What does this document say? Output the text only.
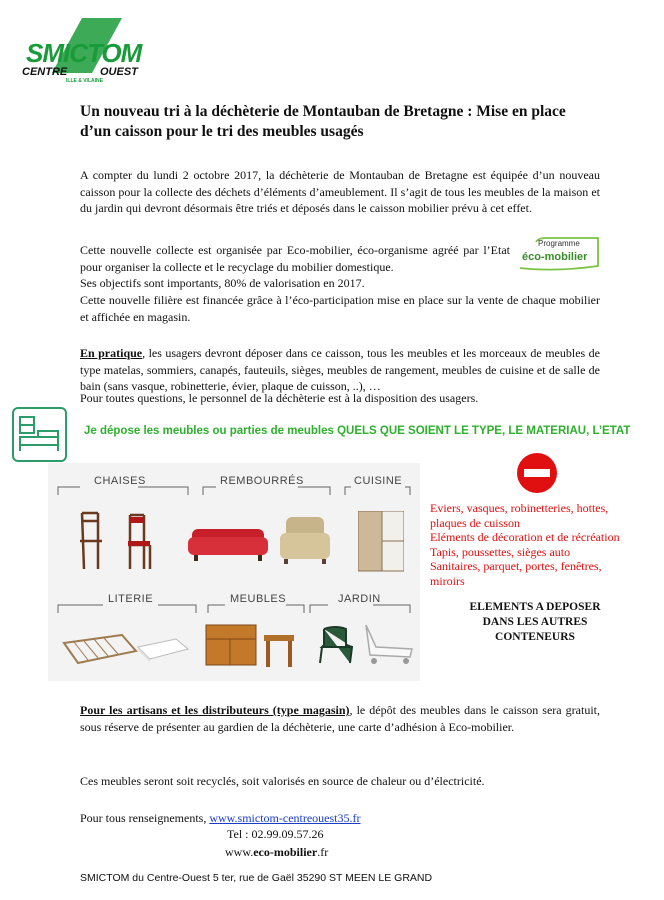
SMICTOM
CENTRE
ILLE & VILAINE
OUEST
Un nouveau tri à la déchèterie de Montauban de Bretagne : Mise en place d’un caisson pour le tri des meubles usagés
A compter du lundi 2 octobre 2017, la déchèterie de Montauban de Bretagne est équipée d’un nouveau caisson pour la collecte des déchets d’éléments d’ameublement. Il s’agit de tous les meubles de la maison et du jardin qui devront désormais être triés et déposés dans le caisson mobilier prévu à cet effet.
Cette nouvelle collecte est organisée par Eco-mobilier, éco-organisme agréé par l’Etat pour organiser la collecte et le recyclage du mobilier domestique.
Ses objectifs sont importants, 80% de valorisation en 2017.
Cette nouvelle filière est financée grâce à l’éco-participation mise en place sur la vente de chaque mobilier et affichée en magasin.
Programme
éco-mobilier
En pratique, les usagers devront déposer dans ce caisson, tous les meubles et les morceaux de meubles de type matelas, sommiers, canapés, fauteuils, sièges, meubles de rangement, meubles de cuisine et de salle de bain (sans vasque, robinetterie, évier, plaque de cuisson, ..), …
Pour toutes questions, le personnel de la déchèterie est à la disposition des usagers.
Je dépose les meubles ou parties de meubles QUELS QUE SOIENT LE TYPE, LE MATERIAU, L’ETAT
CHAISES	REMBOURRÉS	CUISINE
LITERIE	MEUBLES	JARDIN
Eviers, vasques, robinetteries, hottes,
plaques de cuisson
Eléments de décoration et de récréation
Tapis, poussettes, sièges auto
Sanitaires, parquet, portes, fenêtres,
miroirs
ELEMENTS A DEPOSER
DANS LES AUTRES
CONTENEURS
Pour les artisans et les distributeurs (type magasin), le dépôt des meubles dans le caisson sera gratuit, sous réserve de présenter au gardien de la déchèterie, une carte d’adhésion à Eco-mobilier.
Ces meubles seront soit recyclés, soit valorisés en source de chaleur ou d’électricité.
Pour tous renseignements, www.smictom-centreouest35.fr
Tel : 02.99.09.57.26
www.eco-mobilier.fr
SMICTOM du Centre-Ouest 5 ter, rue de Gaël 35290 ST MEEN LE GRAND
